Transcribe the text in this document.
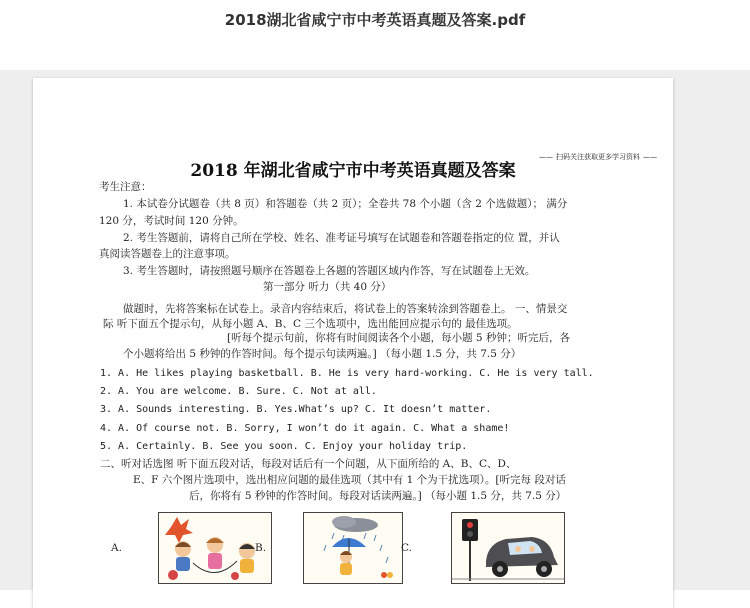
2018湖北省咸宁市中考英语真题及答案.pdf
—— 扫码关注获取更多学习资料 ——
2018 年湖北省咸宁市中考英语真题及答案
考生注意：
1. 本试卷分试题卷（共 8 页）和答题卷（共 2 页）；全卷共 78 个小题（含 2 个选做题）； 满分
120 分，考试时间 120 分钟。
2. 考生答题前，请将自己所在学校、姓名、准考证号填写在试题卷和答题卷指定的位 置，并认
真阅读答题卷上的注意事项。
3. 考生答题时，请按照题号顺序在答题卷上各题的答题区域内作答，写在试题卷上无效。
第一部分 听力（共 40 分）
做题时，先将答案标在试卷上。录音内容结束后，将试卷上的答案转涂到答题卷上。 一、情景交
际 听下面五个提示句，从每小题 A、B、C 三个选项中，选出能回应提示句的 最佳选项。
[听每个提示句前，你将有时间阅读各个小题，每小题 5 秒钟；听完后，各
个小题将给出 5 秒钟的作答时间。每个提示句读两遍。] （每小题 1.5 分，共 7.5 分）
1. A. He likes playing basketball. B. He is very hard-working. C. He is very tall.
2. A. You are welcome. B. Sure. C. Not at all.
3. A. Sounds interesting. B. Yes.What’s up? C. It doesn’t matter.
4. A. Of course not. B. Sorry, I won’t do it again. C. What a shame!
5. A. Certainly. B. See you soon. C. Enjoy your holiday trip.
二、听对话选图 听下面五段对话，每段对话后有一个问题，从下面所给的 A、B、C、D、
E、F 六个图片选项中，选出相应问题的最佳选项（其中有 1 个为干扰选项）。[听完每 段对话
后，你将有 5 秒钟的作答时间。每段对话读两遍。] （每小题 1.5 分，共 7.5 分）
A.	B.	C.
